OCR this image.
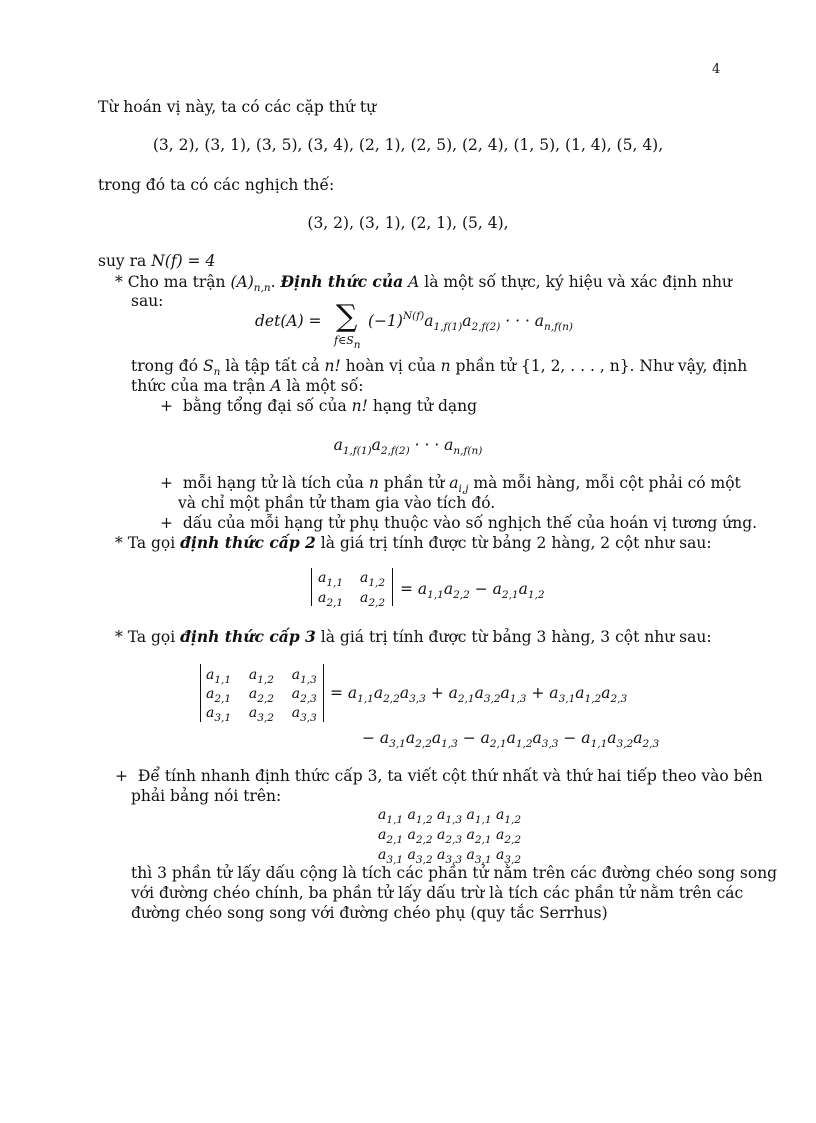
4
Từ hoán vị này, ta có các cặp thứ tự
(3, 2), (3, 1), (3, 5), (3, 4), (2, 1), (2, 5), (2, 4), (1, 5), (1, 4), (5, 4),
trong đó ta có các nghịch thế:
(3, 2), (3, 1), (2, 1), (5, 4),
suy ra N(f) = 4
* Cho ma trận $(A)_{n,n}$. Định thức của A là một số thực, ký hiệu và xác định như
sau:
det(A) = ∑
$f\in S_n$
$(-1)^{N(f)}a_{1,f(1)}a_{2,f(2)}$ · · · $a_{n,f(n)}$
trong đó $S_n$ là tập tất cả n! hoàn vị của n phần tử {1, 2, . . . , n}. Như vậy, định
thức của ma trận A là một số:
+ bằng tổng đại số của n! hạng tử dạng
$a_{1,f(1)}a_{2,f(2)}$ · · · $a_{n,f(n)}$
+ mỗi hạng tử là tích của n phần tử $a_{i,j}$ mà mỗi hàng, mỗi cột phải có một
và chỉ một phần tử tham gia vào tích đó.
+ dấu của mỗi hạng tử phụ thuộc vào số nghịch thế của hoán vị tương ứng.
* Ta gọi định thức cấp 2 là giá trị tính được từ bảng 2 hàng, 2 cột như sau:
$a_{1,1}$ $a_{1,2}$
$a_{2,1}$ $a_{2,2}$
= $a_{1,1}a_{2,2} - a_{2,1}a_{1,2}$
* Ta gọi định thức cấp 3 là giá trị tính được từ bảng 3 hàng, 3 cột như sau:
$a_{1,1}$    $a_{1,2}$    $a_{1,3}$
$a_{2,1}$    $a_{2,2}$    $a_{2,3}$
$a_{3,1}$    $a_{3,2}$    $a_{3,3}$
= $a_{1,1}a_{2,2}a_{3,3} + a_{2,1}a_{3,2}a_{1,3} + a_{3,1}a_{1,2}a_{2,3}$
− $a_{3,1}a_{2,2}a_{1,3} - a_{2,1}a_{1,2}a_{3,3} - a_{1,1}a_{3,2}a_{2,3}$
+ Để tính nhanh định thức cấp 3, ta viết cột thứ nhất và thứ hai tiếp theo vào bên
phải bảng nói trên:
$a_{1,1}$ $a_{1,2}$ $a_{1,3}$ $a_{1,1}$ $a_{1,2}$
$a_{2,1}$ $a_{2,2}$ $a_{2,3}$ $a_{2,1}$ $a_{2,2}$
$a_{3,1}$ $a_{3,2}$ $a_{3,3}$ $a_{3,1}$ $a_{3,2}$
thì 3 phần tử lấy dấu cộng là tích các phần tử nằm trên các đường chéo song song
với đường chéo chính, ba phần tử lấy dấu trừ là tích các phần tử nằm trên các
đường chéo song song với đường chéo phụ (quy tắc Serrhus)
